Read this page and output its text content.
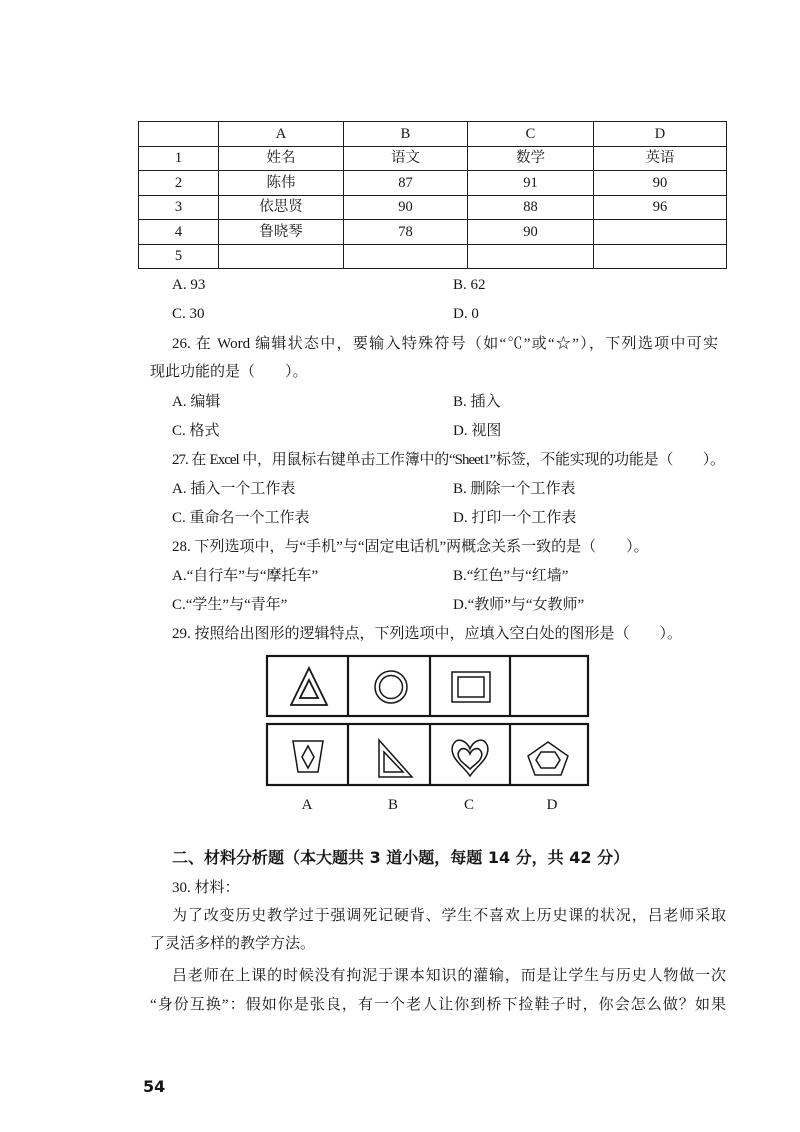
	A	B	C	D
1	姓名	语文	数学	英语
2	陈伟	87	91	90
3	依思贤	90	88	96
4	鲁晓琴	78	90	
5				
A. 93	B. 62
C. 30	D. 0
26. 在 Word 编辑状态中，要输入特殊符号（如“℃”或“☆”），下列选项中可实
现此功能的是（　　）。
A. 编辑	B. 插入
C. 格式	D. 视图
27. 在 Excel 中，用鼠标右键单击工作簿中的“Sheet1”标签，不能实现的功能是（　　）。
A. 插入一个工作表	B. 删除一个工作表
C. 重命名一个工作表	D. 打印一个工作表
28. 下列选项中，与“手机”与“固定电话机”两概念关系一致的是（　　）。
A.“自行车”与“摩托车”	B.“红色”与“红墙”
C.“学生”与“青年”	D.“教师”与“女教师”
29. 按照给出图形的逻辑特点，下列选项中，应填入空白处的图形是（　　）。
A	B	C	D
二、材料分析题（本大题共 3 道小题，每题 14 分，共 42 分）
30. 材料：
为了改变历史教学过于强调死记硬背、学生不喜欢上历史课的状况，吕老师采取
了灵活多样的教学方法。
吕老师在上课的时候没有拘泥于课本知识的灌输，而是让学生与历史人物做一次
“身份互换”：假如你是张良，有一个老人让你到桥下捡鞋子时，你会怎么做？如果
54
